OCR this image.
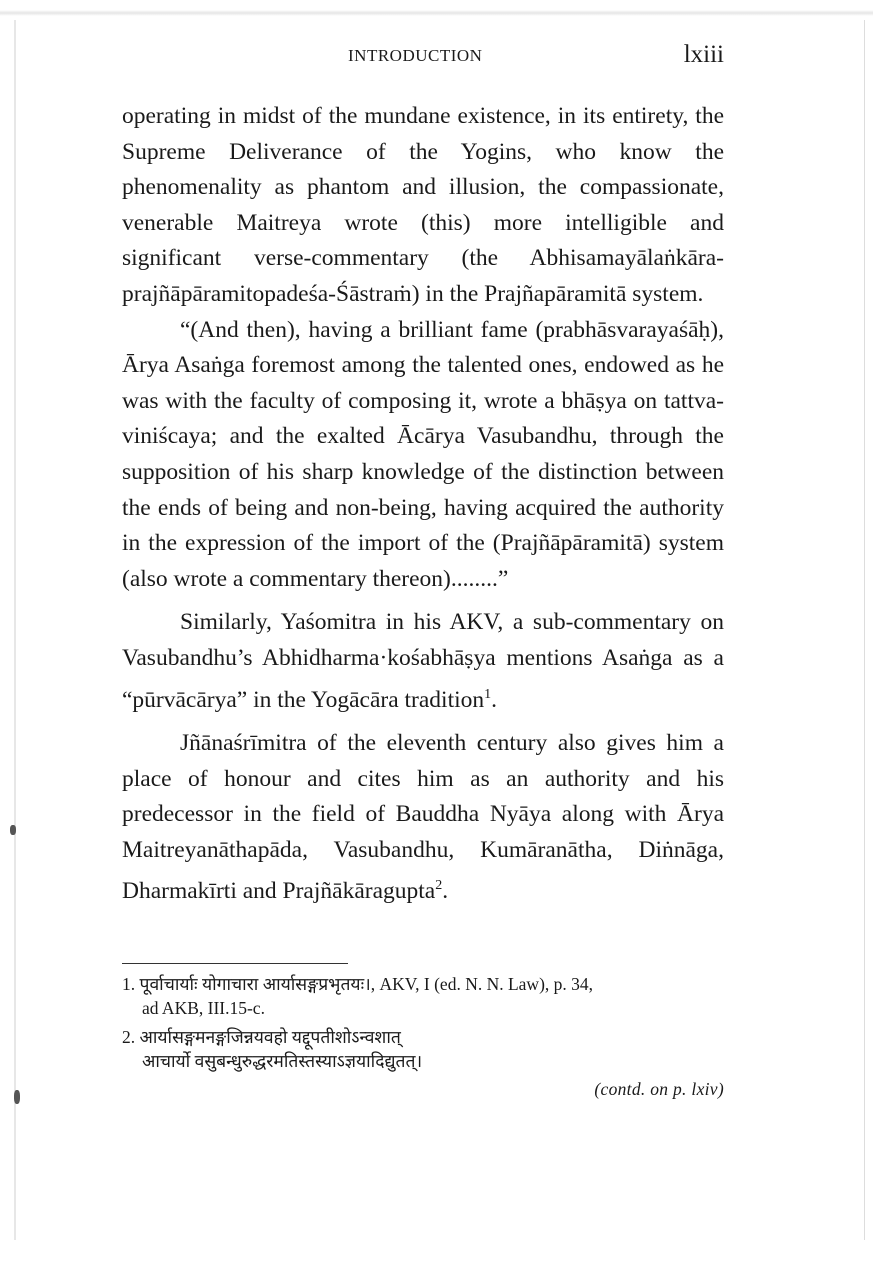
INTRODUCTION	lxiii

operating in midst of the mundane existence, in its entirety, the Supreme Deliverance of the Yogins, who know the phenomenality as phantom and illusion, the compassionate, venerable Maitreya wrote (this) more intelligible and significant verse-commentary (the Abhisamayālaṅkāra-prajñāpāramitopadeśa-Śāstraṁ) in the Prajñapāramitā system.

“(And then), having a brilliant fame (prabhāsvarayaśāḥ), Ārya Asaṅga foremost among the talented ones, endowed as he was with the faculty of composing it, wrote a bhāṣya on tattva-viniścaya; and the exalted Ācārya Vasubandhu, through the supposition of his sharp knowledge of the distinction between the ends of being and non-being, having acquired the authority in the expression of the import of the (Prajñāpāramitā) system (also wrote a commentary thereon)........”

Similarly, Yaśomitra in his AKV, a sub-commentary on Vasubandhu’s Abhidharma·kośabhāṣya mentions Asaṅga as a “pūrvācārya” in the Yogācāra tradition$^1$.

Jñānaśrīmitra of the eleventh century also gives him a place of honour and cites him as an authority and his predecessor in the field of Bauddha Nyāya along with Ārya Maitreyanāthapāda, Vasubandhu, Kumāranātha, Diṅnāga, Dharmakīrti and Prajñākāragupta$^2$.

1. पूर्वाचार्याः योगाचारा आर्यासङ्गप्रभृतयः।, AKV, I (ed. N. N. Law), p. 34,
ad AKB, III.15-c.
2. आर्यासङ्गमनङ्गजिन्नयवहो यद्दूपतीशोऽन्वशात्
आचार्यो वसुबन्धुरुद्धरमतिस्तस्याऽज्ञयादिद्युतत्।
(contd. on p. lxiv)
